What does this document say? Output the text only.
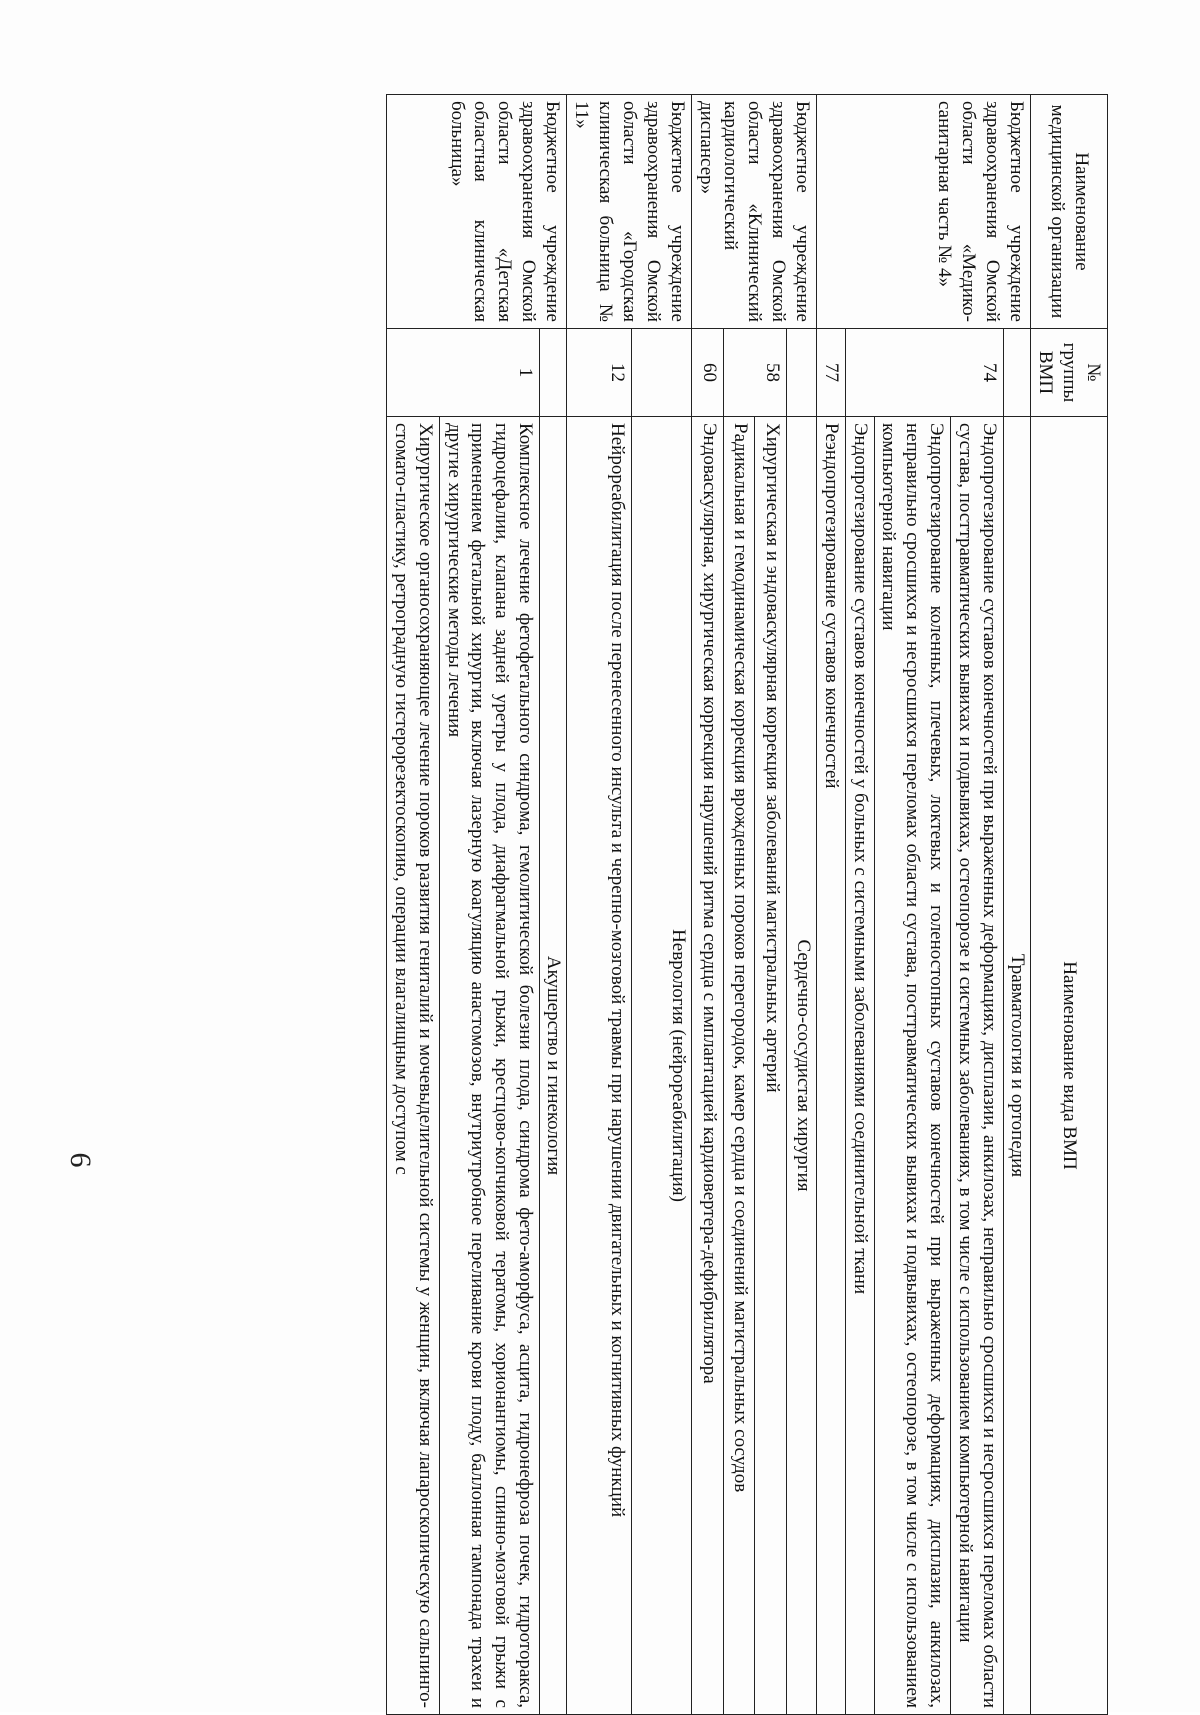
6
Наименование медицинской организации	№ группы ВМП	Наименование вида ВМП
Бюджетное учреждение здравоохранения Омской области «Медико-санитарная часть № 4»		Травматология и ортопедия
	74	Эндопротезирование суставов конечностей при выраженных деформациях, дисплазии, анкилозах, неправильно сросшихся и несросшихся переломах области сустава, посттравматических вывихах и подвывихах, остеопорозе и системных заболеваниях, в том числе с использованием компьютерной навигации
		Эндопротезирование коленных, плечевых, локтевых и голеностопных суставов конечностей при выраженных деформациях, дисплазии, анкилозах, неправильно сросшихся и несросшихся переломах области сустава, посттравматических вывихах и подвывихах, остеопорозе, в том числе с использованием компьютерной навигации
		Эндопротезирование суставов конечностей у больных с системными заболеваниями соединительной ткани
	77	Реэндопротезирование суставов конечностей
Бюджетное учреждение здравоохранения Омской области «Клинический кардиологический диспансер»		Сердечно-сосудистая хирургия
	58	Хирургическая и эндоваскулярная коррекция заболеваний магистральных артерий
		Радикальная и гемодинамическая коррекция врожденных пороков перегородок, камер сердца и соединений магистральных сосудов
	60	Эндоваскулярная, хирургическая коррекция нарушений ритма сердца с имплантацией кардиовертера-дефибриллятора
Бюджетное учреждение здравоохранения Омской области «Городская клиническая больница № 11»		Неврология (нейрореабилитация)
	12	Нейрореабилитация после перенесенного инсульта и черепно-мозговой травмы при нарушении двигательных и когнитивных функций
Бюджетное учреждение здравоохранения Омской области «Детская областная клиническая больница»		Акушерство и гинекология
	1	Комплексное лечение фетофетального синдрома, гемолитической болезни плода, синдрома фето-аморфуса, асцита, гидронефроза почек, гидроторакса, гидроцефалии, клапана задней уретры у плода, диафрагмальной грыжи, крестцово-копчиковой тератомы, хорионангиомы, спинно-мозговой грыжи с применением фетальной хирургии, включая лазерную коагуляцию анастомозов, внутриутробное переливание крови плоду, баллонная тампонада трахеи и другие хирургические методы лечения
		Хирургическое органосохраняющее лечение пороков развития гениталий и мочевыделительной системы у женщин, включая лапароскопическую сальпинго-стомато-пластику, ретроградную гистерорезектоскопию, операции влагалищным доступом с
